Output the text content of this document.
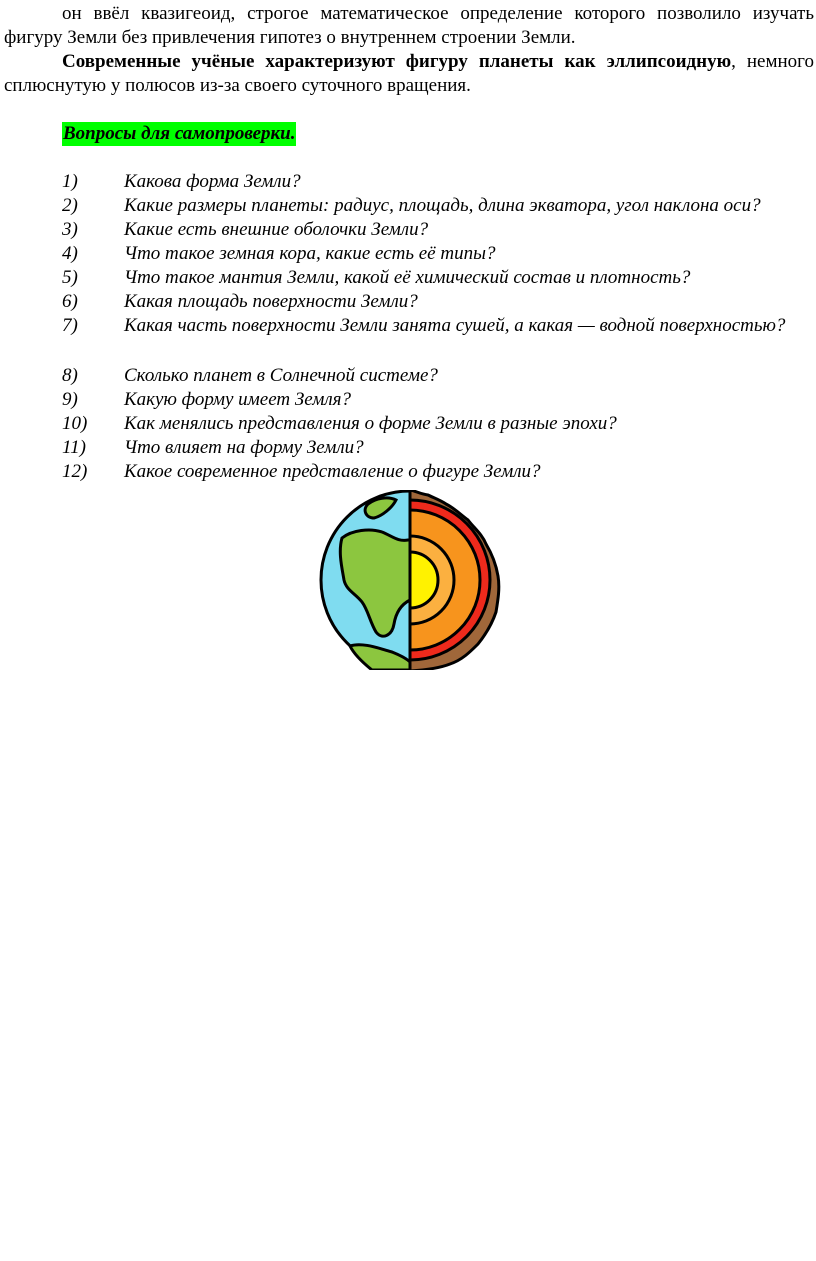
он ввёл квазигеоид, строгое математическое определение которого позволило изучать фигуру Земли без привлечения гипотез о внутреннем строении Земли.
Современные учёные характеризуют фигуру планеты как эллипсоидную, немного сплюснутую у полюсов из-за своего суточного вращения.
Вопросы для самопроверки.
1) Какова форма Земли?
2) Какие размеры планеты: радиус, площадь, длина экватора, угол наклона оси?
3) Какие есть внешние оболочки Земли?
4) Что такое земная кора, какие есть её типы?
5) Что такое мантия Земли, какой её химический состав и плотность?
6) Какая площадь поверхности Земли?
7) Какая часть поверхности Земли занята сушей, а какая — водной поверхностью?
8) Сколько планет в Солнечной системе?
9) Какую форму имеет Земля?
10) Как менялись представления о форме Земли в разные эпохи?
11) Что влияет на форму Земли?
12) Какое современное представление о фигуре Земли?
